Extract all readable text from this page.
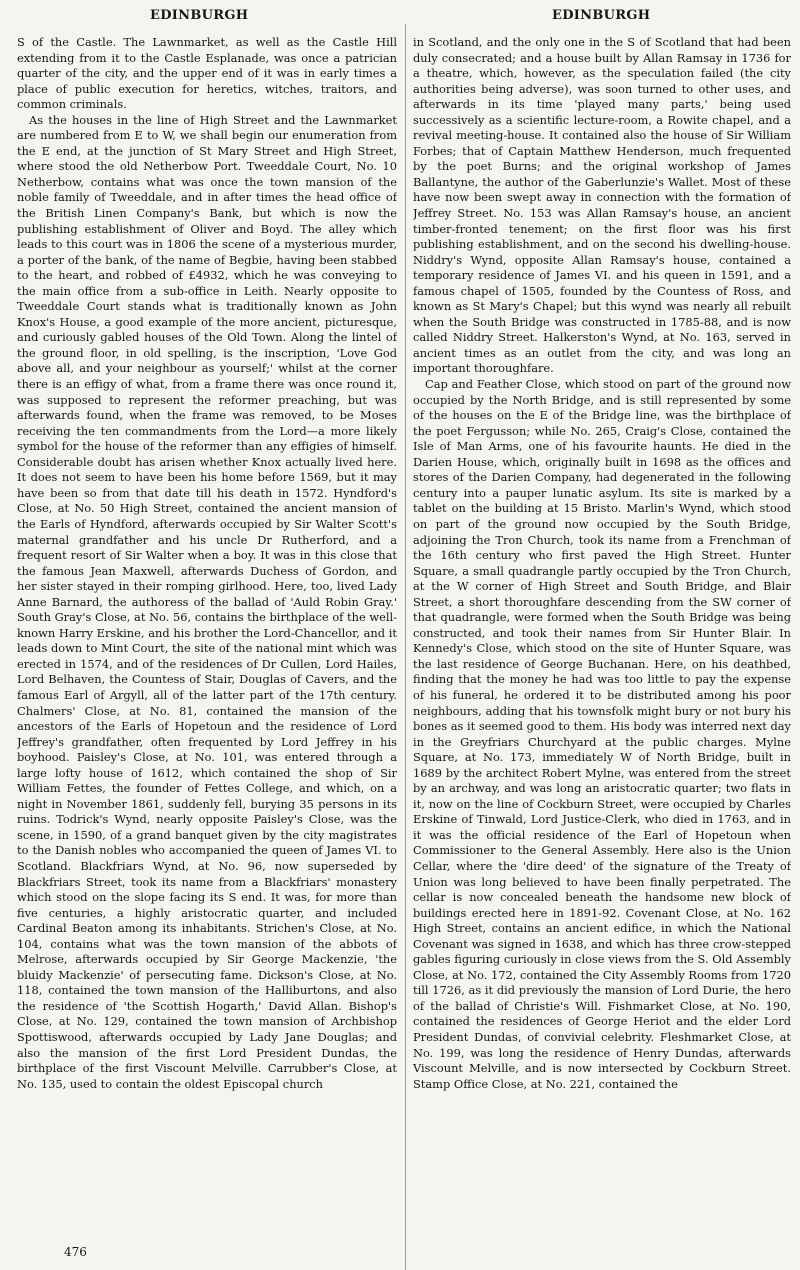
EDINBURGH	EDINBURGH

S of the Castle. The Lawnmarket, as well as the Castle Hill extending from it to the Castle Esplanade, was once a patrician quarter of the city, and the upper end of it was in early times a place of public execution for heretics, witches, traitors, and common criminals.

As the houses in the line of High Street and the Lawnmarket are numbered from E to W, we shall begin our enumeration from the E end, at the junction of St Mary Street and High Street, where stood the old Netherbow Port. Tweeddale Court, No. 10 Netherbow, contains what was once the town mansion of the noble family of Tweeddale, and in after times the head office of the British Linen Company's Bank, but which is now the publishing establishment of Oliver and Boyd. The alley which leads to this court was in 1806 the scene of a mysterious murder, a porter of the bank, of the name of Begbie, having been stabbed to the heart, and robbed of £4932, which he was conveying to the main office from a sub-office in Leith. Nearly opposite to Tweeddale Court stands what is traditionally known as John Knox's House, a good example of the more ancient, picturesque, and curiously gabled houses of the Old Town. Along the lintel of the ground floor, in old spelling, is the inscription, 'Love God above all, and your neighbour as yourself;' whilst at the corner there is an effigy of what, from a frame there was once round it, was supposed to represent the reformer preaching, but was afterwards found, when the frame was removed, to be Moses receiving the ten commandments from the Lord—a more likely symbol for the house of the reformer than any effigies of himself. Considerable doubt has arisen whether Knox actually lived here. It does not seem to have been his home before 1569, but it may have been so from that date till his death in 1572. Hyndford's Close, at No. 50 High Street, contained the ancient mansion of the Earls of Hyndford, afterwards occupied by Sir Walter Scott's maternal grandfather and his uncle Dr Rutherford, and a frequent resort of Sir Walter when a boy. It was in this close that the famous Jean Maxwell, afterwards Duchess of Gordon, and her sister stayed in their romping girlhood. Here, too, lived Lady Anne Barnard, the authoress of the ballad of 'Auld Robin Gray.' South Gray's Close, at No. 56, contains the birthplace of the well-known Harry Erskine, and his brother the Lord-Chancellor, and it leads down to Mint Court, the site of the national mint which was erected in 1574, and of the residences of Dr Cullen, Lord Hailes, Lord Belhaven, the Countess of Stair, Douglas of Cavers, and the famous Earl of Argyll, all of the latter part of the 17th century. Chalmers' Close, at No. 81, contained the mansion of the ancestors of the Earls of Hopetoun and the residence of Lord Jeffrey's grandfather, often frequented by Lord Jeffrey in his boyhood. Paisley's Close, at No. 101, was entered through a large lofty house of 1612, which contained the shop of Sir William Fettes, the founder of Fettes College, and which, on a night in November 1861, suddenly fell, burying 35 persons in its ruins. Todrick's Wynd, nearly opposite Paisley's Close, was the scene, in 1590, of a grand banquet given by the city magistrates to the Danish nobles who accompanied the queen of James VI. to Scotland. Blackfriars Wynd, at No. 96, now superseded by Blackfriars Street, took its name from a Blackfriars' monastery which stood on the slope facing its S end. It was, for more than five centuries, a highly aristocratic quarter, and included Cardinal Beaton among its inhabitants. Strichen's Close, at No. 104, contains what was the town mansion of the abbots of Melrose, afterwards occupied by Sir George Mackenzie, 'the bluidy Mackenzie' of persecuting fame. Dickson's Close, at No. 118, contained the town mansion of the Halliburtons, and also the residence of 'the Scottish Hogarth,' David Allan. Bishop's Close, at No. 129, contained the town mansion of Archbishop Spottiswood, afterwards occupied by Lady Jane Douglas; and also the mansion of the first Lord President Dundas, the birthplace of the first Viscount Melville. Carrubber's Close, at No. 135, used to contain the oldest Episcopal church

in Scotland, and the only one in the S of Scotland that had been duly consecrated; and a house built by Allan Ramsay in 1736 for a theatre, which, however, as the speculation failed (the city authorities being adverse), was soon turned to other uses, and afterwards in its time 'played many parts,' being used successively as a scientific lecture-room, a Rowite chapel, and a revival meeting-house. It contained also the house of Sir William Forbes; that of Captain Matthew Henderson, much frequented by the poet Burns; and the original workshop of James Ballantyne, the author of the Gaberlunzie's Wallet. Most of these have now been swept away in connection with the formation of Jeffrey Street. No. 153 was Allan Ramsay's house, an ancient timber-fronted tenement; on the first floor was his first publishing establishment, and on the second his dwelling-house. Niddry's Wynd, opposite Allan Ramsay's house, contained a temporary residence of James VI. and his queen in 1591, and a famous chapel of 1505, founded by the Countess of Ross, and known as St Mary's Chapel; but this wynd was nearly all rebuilt when the South Bridge was constructed in 1785-88, and is now called Niddry Street. Halkerston's Wynd, at No. 163, served in ancient times as an outlet from the city, and was long an important thoroughfare.

Cap and Feather Close, which stood on part of the ground now occupied by the North Bridge, and is still represented by some of the houses on the E of the Bridge line, was the birthplace of the poet Fergusson; while No. 265, Craig's Close, contained the Isle of Man Arms, one of his favourite haunts. He died in the Darien House, which, originally built in 1698 as the offices and stores of the Darien Company, had degenerated in the following century into a pauper lunatic asylum. Its site is marked by a tablet on the building at 15 Bristo. Marlin's Wynd, which stood on part of the ground now occupied by the South Bridge, adjoining the Tron Church, took its name from a Frenchman of the 16th century who first paved the High Street. Hunter Square, a small quadrangle partly occupied by the Tron Church, at the W corner of High Street and South Bridge, and Blair Street, a short thoroughfare descending from the SW corner of that quadrangle, were formed when the South Bridge was being constructed, and took their names from Sir Hunter Blair. In Kennedy's Close, which stood on the site of Hunter Square, was the last residence of George Buchanan. Here, on his deathbed, finding that the money he had was too little to pay the expense of his funeral, he ordered it to be distributed among his poor neighbours, adding that his townsfolk might bury or not bury his bones as it seemed good to them. His body was interred next day in the Greyfriars Churchyard at the public charges. Mylne Square, at No. 173, immediately W of North Bridge, built in 1689 by the architect Robert Mylne, was entered from the street by an archway, and was long an aristocratic quarter; two flats in it, now on the line of Cockburn Street, were occupied by Charles Erskine of Tinwald, Lord Justice-Clerk, who died in 1763, and in it was the official residence of the Earl of Hopetoun when Commissioner to the General Assembly. Here also is the Union Cellar, where the 'dire deed' of the signature of the Treaty of Union was long believed to have been finally perpetrated. The cellar is now concealed beneath the handsome new block of buildings erected here in 1891-92. Covenant Close, at No. 162 High Street, contains an ancient edifice, in which the National Covenant was signed in 1638, and which has three crow-stepped gables figuring curiously in close views from the S. Old Assembly Close, at No. 172, contained the City Assembly Rooms from 1720 till 1726, as it did previously the mansion of Lord Durie, the hero of the ballad of Christie's Will. Fishmarket Close, at No. 190, contained the residences of George Heriot and the elder Lord President Dundas, of convivial celebrity. Fleshmarket Close, at No. 199, was long the residence of Henry Dundas, afterwards Viscount Melville, and is now intersected by Cockburn Street. Stamp Office Close, at No. 221, contained the

476
